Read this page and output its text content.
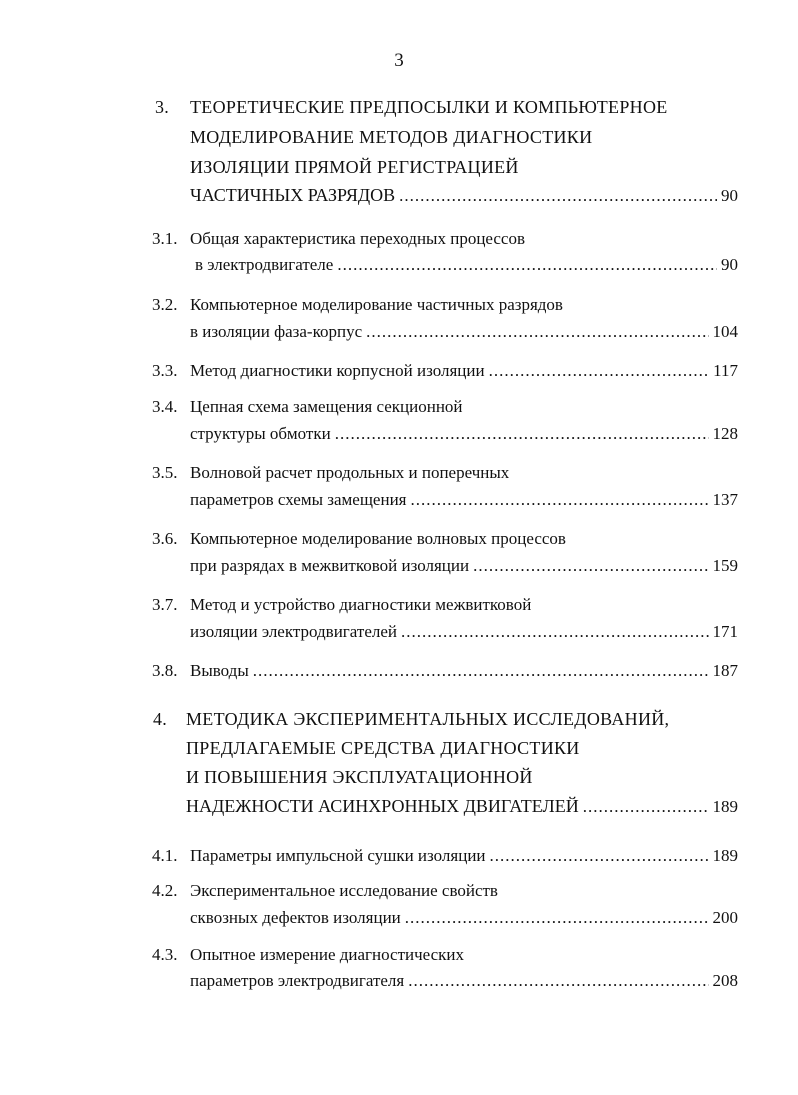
3
3. ТЕОРЕТИЧЕСКИЕ ПРЕДПОСЫЛКИ И КОМПЬЮТЕРНОЕ
МОДЕЛИРОВАНИЕ МЕТОДОВ ДИАГНОСТИКИ
ИЗОЛЯЦИИ ПРЯМОЙ РЕГИСТРАЦИЕЙ
ЧАСТИЧНЫХ РАЗРЯДОВ .....	90
3.1. Общая характеристика переходных процессов
в электродвигателе .....	90
3.2. Компьютерное моделирование частичных разрядов
в изоляции фаза-корпус .....	104
3.3. Метод диагностики корпусной изоляции .....	117
3.4. Цепная схема замещения секционной
структуры обмотки .....	128
3.5. Волновой расчет продольных и поперечных
параметров схемы замещения .....	137
3.6. Компьютерное моделирование волновых процессов
при разрядах в межвитковой изоляции .....	159
3.7. Метод и устройство диагностики межвитковой
изоляции электродвигателей .....	171
3.8. Выводы .....	187
4. МЕТОДИКА ЭКСПЕРИМЕНТАЛЬНЫХ ИССЛЕДОВАНИЙ,
ПРЕДЛАГАЕМЫЕ СРЕДСТВА ДИАГНОСТИКИ
И ПОВЫШЕНИЯ ЭКСПЛУАТАЦИОННОЙ
НАДЕЖНОСТИ АСИНХРОННЫХ ДВИГАТЕЛЕЙ .....	189
4.1. Параметры импульсной сушки изоляции .....	189
4.2. Экспериментальное исследование свойств
сквозных дефектов изоляции .....	200
4.3. Опытное измерение диагностических
параметров электродвигателя .....	208
